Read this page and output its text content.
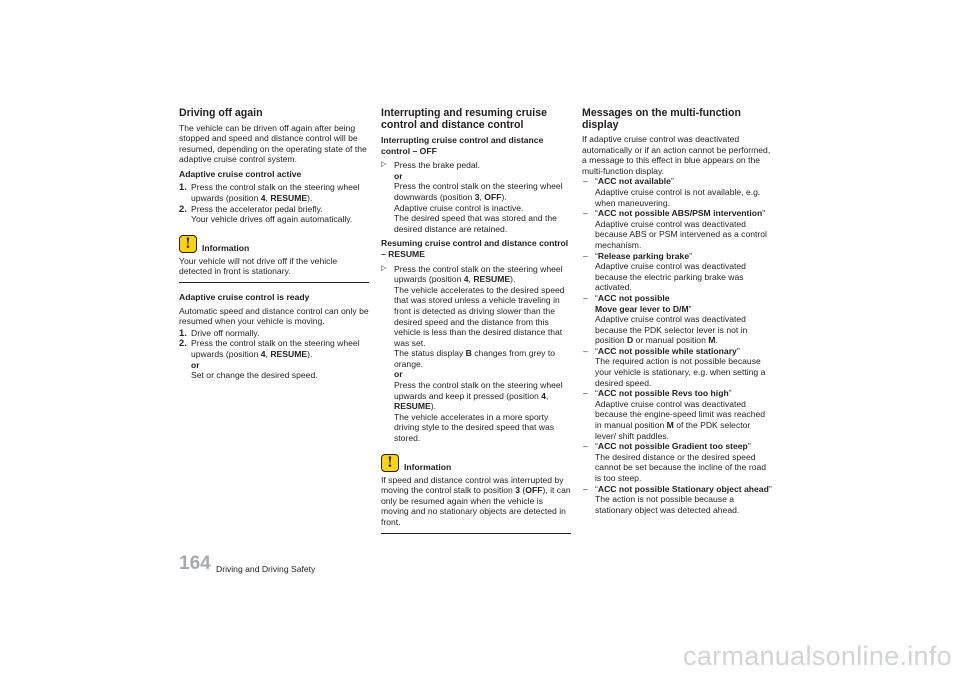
Driving off again

The vehicle can be driven off again after being stopped and speed and distance control will be resumed, depending on the operating state of the adaptive cruise control system.

Adaptive cruise control active
1. Press the control stalk on the steering wheel upwards (position 4, RESUME).
2. Press the accelerator pedal briefly.
Your vehicle drives off again automatically.
!	Information
Your vehicle will not drive off if the vehicle detected in front is stationary.
Adaptive cruise control is ready

Automatic speed and distance control can only be resumed when your vehicle is moving.

1. Drive off normally.
2. Press the control stalk on the steering wheel upwards (position 4, RESUME).
or
Set or change the desired speed.
Interrupting and resuming cruise control and distance control
Interrupting cruise control and distance control – OFF
▷ Press the brake pedal.
or
Press the control stalk on the steering wheel downwards (position 3, OFF).
Adaptive cruise control is inactive.
The desired speed that was stored and the desired distance are retained.
Resuming cruise control and distance control – RESUME
▷ Press the control stalk on the steering wheel upwards (position 4, RESUME).
The vehicle accelerates to the desired speed that was stored unless a vehicle traveling in front is detected as driving slower than the desired speed and the distance from this vehicle is less than the desired distance that was set.
The status display B changes from grey to orange.
or
Press the control stalk on the steering wheel upwards and keep it pressed (position 4, RESUME).
The vehicle accelerates in a more sporty driving style to the desired speed that was stored.
!	Information
If speed and distance control was interrupted by moving the control stalk to position 3 (OFF), it can only be resumed again when the vehicle is moving and no stationary objects are detected in front.
Messages on the multi-function display

If adaptive cruise control was deactivated automatically or if an action cannot be performed, a message to this effect in blue appears on the multi-function display.

– “ACC not available”
Adaptive cruise control is not available, e.g. when maneuvering.
– “ACC not possible ABS/PSM intervention”
Adaptive cruise control was deactivated because ABS or PSM intervened as a control mechanism.
– “Release parking brake”
Adaptive cruise control was deactivated because the electric parking brake was activated.
– “ACC not possible
Move gear lever to D/M”
Adaptive cruise control was deactivated because the PDK selector lever is not in position D or manual position M.
– “ACC not possible while stationary”
The required action is not possible because your vehicle is stationary, e.g. when setting a desired speed.
– “ACC not possible Revs too high”
Adaptive cruise control was deactivated because the engine-speed limit was reached in manual position M of the PDK selector lever/ shift paddles.
– “ACC not possible Gradient too steep”
The desired distance or the desired speed cannot be set because the incline of the road is too steep.
– “ACC not possible Stationary object ahead”
The action is not possible because a stationary object was detected ahead.
164 Driving and Driving Safety
carmanualsonline.info
